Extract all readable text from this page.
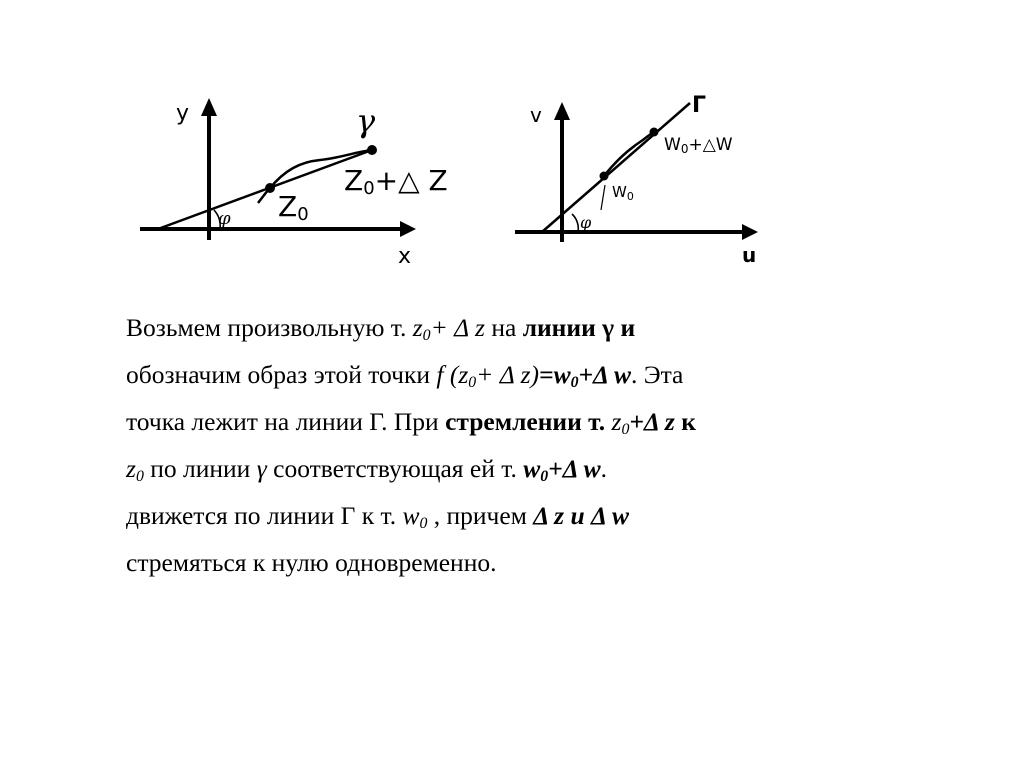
y
x
γ
φ Z0
Z0+△ Z
v
u
Г
φ
$W_0$
W0+△W
Возьмем произвольную т. $z_0+ \Delta$ z на линии γ и
обозначим образ этой точки f ($z_0+ \Delta$ $z)=w_0+\Delta$ w. Эта
точка лежит на линии Г. При стремлении т. $z_0+\Delta$ z к
$z_0$ по линии γ соответствующая ей т. $w_0+\Delta$ w.
движется по линии Г к т. $w_0$ , причем Δ z u Δ w
стремяться к нулю одновременно.
